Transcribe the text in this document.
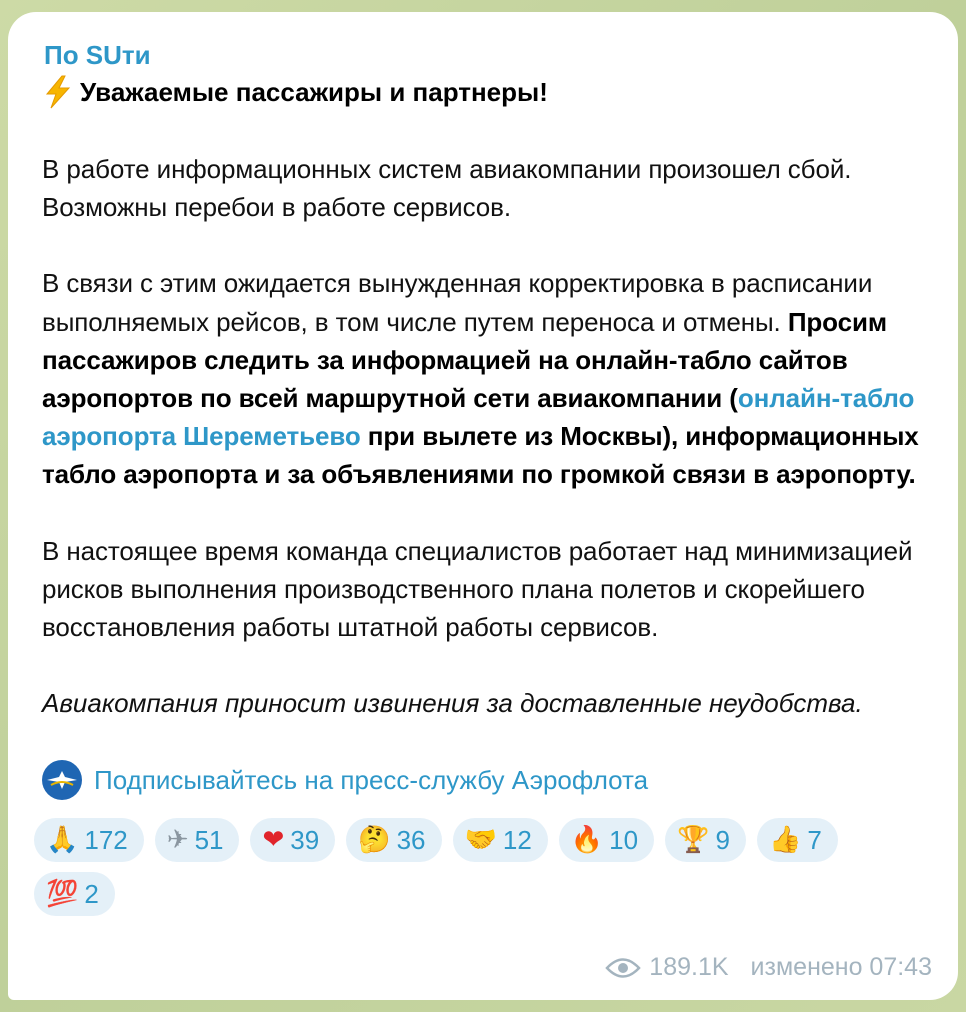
По SUти
Уважаемые пассажиры и партнеры!
В работе информационных систем авиакомпании произошел сбой. Возможны перебои в работе сервисов.
В связи с этим ожидается вынужденная корректировка в расписании выполняемых рейсов, в том числе путем переноса и отмены. Просим пассажиров следить за информацией на онлайн-табло сайтов аэропортов по всей маршрутной сети авиакомпании (онлайн-табло аэропорта Шереметьево при вылете из Москвы), информационных табло аэропорта и за объявлениями по громкой связи в аэропорту.
В настоящее время команда специалистов работает над минимизацией рисков выполнения производственного плана полетов и скорейшего восстановления работы штатной работы сервисов.
Авиакомпания приносит извинения за доставленные неудобства.
Подписывайтесь на пресс-службу Аэрофлота
🙏 172 ✈ 51 ❤ 39 🤔 36 🤝 12 🔥 10 🏆 9 👍 7
💯 2
189.1K изменено 07:43
